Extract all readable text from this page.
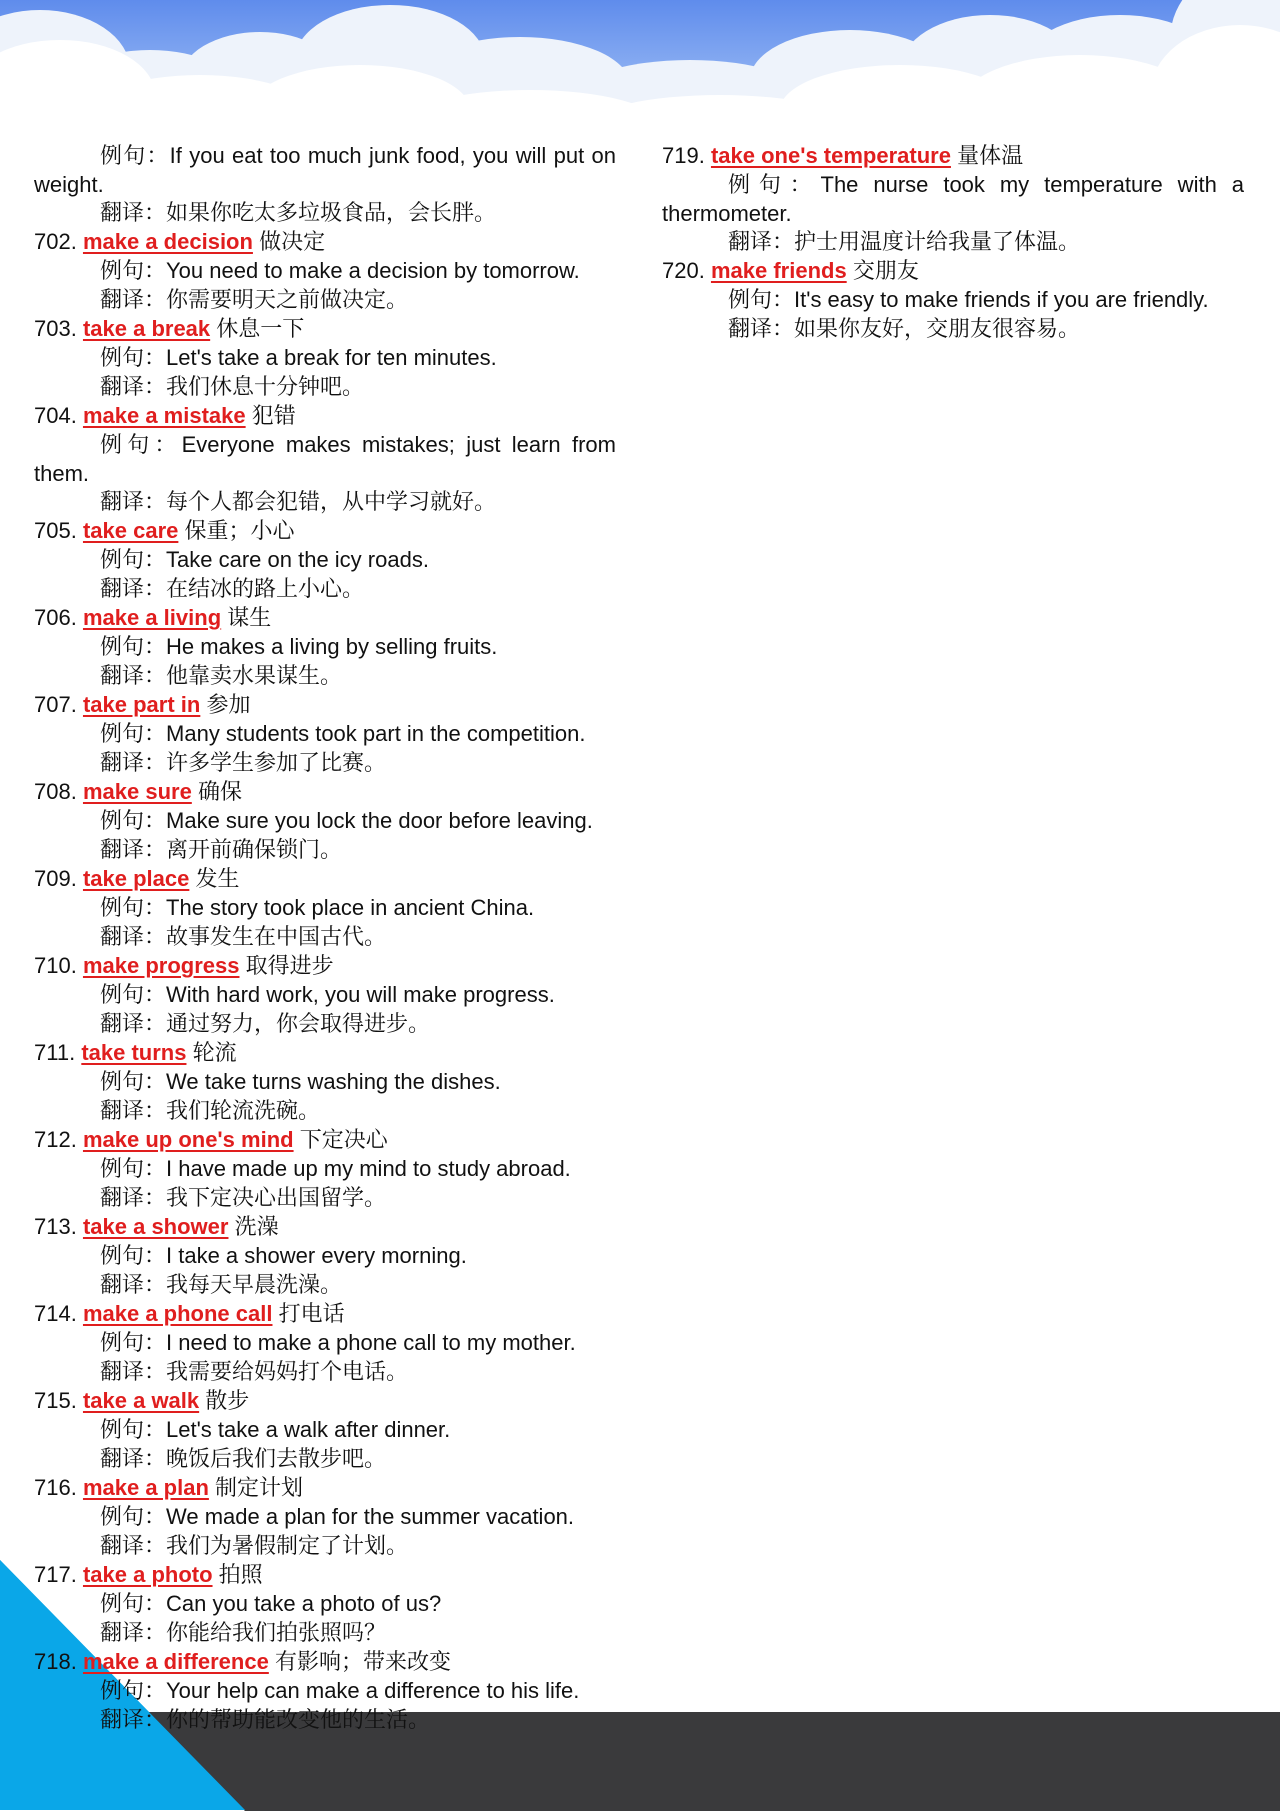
例句：If you eat too much junk food, you will put on weight.
翻译：如果你吃太多垃圾食品，会长胖。
702. make a decision 做决定
例句：You need to make a decision by tomorrow.
翻译：你需要明天之前做决定。
703. take a break 休息一下
例句：Let's take a break for ten minutes.
翻译：我们休息十分钟吧。
704. make a mistake 犯错
例句：Everyone makes mistakes; just learn from them.
翻译：每个人都会犯错，从中学习就好。
705. take care 保重；小心
例句：Take care on the icy roads.
翻译：在结冰的路上小心。
706. make a living 谋生
例句：He makes a living by selling fruits.
翻译：他靠卖水果谋生。
707. take part in 参加
例句：Many students took part in the competition.
翻译：许多学生参加了比赛。
708. make sure 确保
例句：Make sure you lock the door before leaving.
翻译：离开前确保锁门。
709. take place 发生
例句：The story took place in ancient China.
翻译：故事发生在中国古代。
710. make progress 取得进步
例句：With hard work, you will make progress.
翻译：通过努力，你会取得进步。
711. take turns 轮流
例句：We take turns washing the dishes.
翻译：我们轮流洗碗。
712. make up one's mind 下定决心
例句：I have made up my mind to study abroad.
翻译：我下定决心出国留学。
713. take a shower 洗澡
例句：I take a shower every morning.
翻译：我每天早晨洗澡。
714. make a phone call 打电话
例句：I need to make a phone call to my mother.
翻译：我需要给妈妈打个电话。
715. take a walk 散步
例句：Let's take a walk after dinner.
翻译：晚饭后我们去散步吧。
716. make a plan 制定计划
例句：We made a plan for the summer vacation.
翻译：我们为暑假制定了计划。
717. take a photo 拍照
例句：Can you take a photo of us?
翻译：你能给我们拍张照吗？
718. make a difference 有影响；带来改变
例句：Your help can make a difference to his life.
翻译：你的帮助能改变他的生活。
719. take one's temperature 量体温
例句：The nurse took my temperature with a thermometer.
翻译：护士用温度计给我量了体温。
720. make friends 交朋友
例句：It's easy to make friends if you are friendly.
翻译：如果你友好，交朋友很容易。
